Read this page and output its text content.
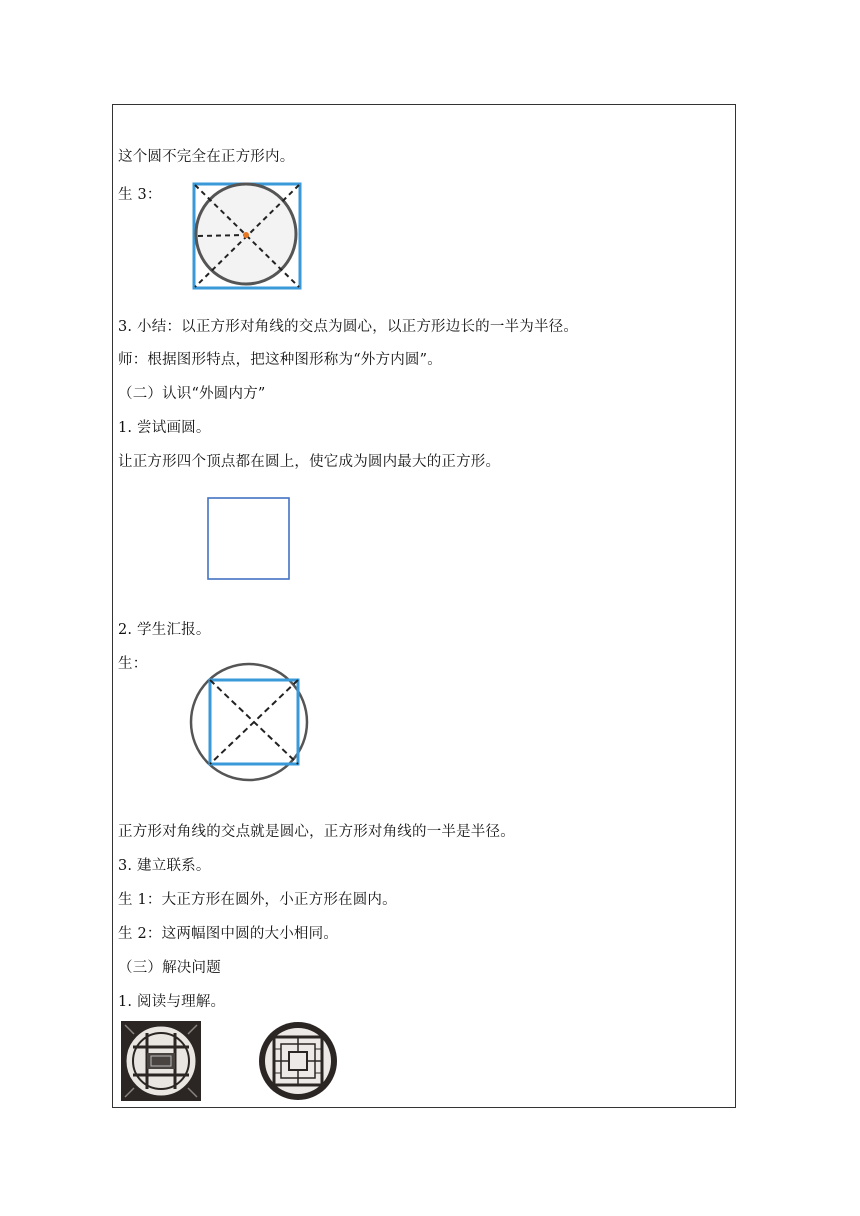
这个圆不完全在正方形内。
生 3：
3. 小结：以正方形对角线的交点为圆心，以正方形边长的一半为半径。
师：根据图形特点，把这种图形称为“外方内圆”。
（二）认识“外圆内方”
1. 尝试画圆。
让正方形四个顶点都在圆上，使它成为圆内最大的正方形。
2. 学生汇报。
生：
正方形对角线的交点就是圆心，正方形对角线的一半是半径。
3. 建立联系。
生 1：大正方形在圆外，小正方形在圆内。
生 2：这两幅图中圆的大小相同。
（三）解决问题
1. 阅读与理解。
